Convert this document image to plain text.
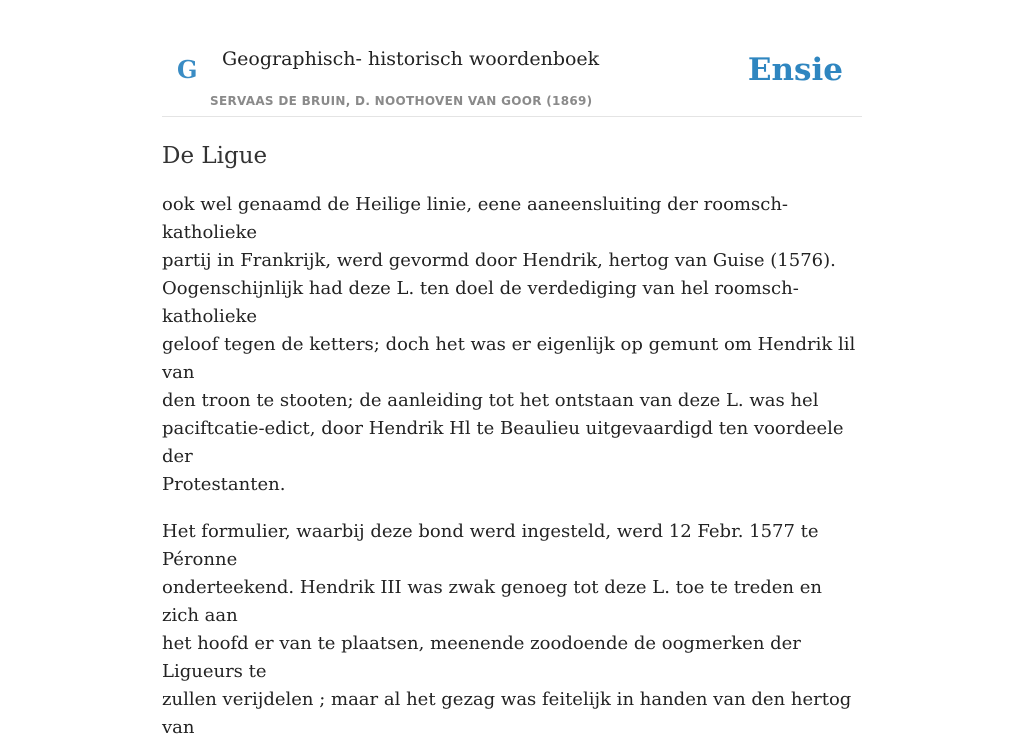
G Geographisch- historisch woordenboek
SERVAAS DE BRUIN, D. NOOTHOVEN VAN GOOR (1869)
Ensie
De Ligue

ook wel genaamd de Heilige linie, eene aaneensluiting der roomsch-katholieke
partij in Frankrijk, werd gevormd door Hendrik, hertog van Guise (1576).
Oogenschijnlijk had deze L. ten doel de verdediging van hel roomsch-katholieke
geloof tegen de ketters; doch het was er eigenlijk op gemunt om Hendrik lil van
den troon te stooten; de aanleiding tot het ontstaan van deze L. was hel
paciftcatie-edict, door Hendrik Hl te Beaulieu uitgevaardigd ten voordeele der
Protestanten.

Het formulier, waarbij deze bond werd ingesteld, werd 12 Febr. 1577 te Péronne
onderteekend. Hendrik III was zwak genoeg tot deze L. toe te treden en zich aan
het hoofd er van te plaatsen, meenende zoodoende de oogmerken der Ligueurs te
zullen verijdelen ; maar al het gezag was feitelijk in handen van den hertog van
